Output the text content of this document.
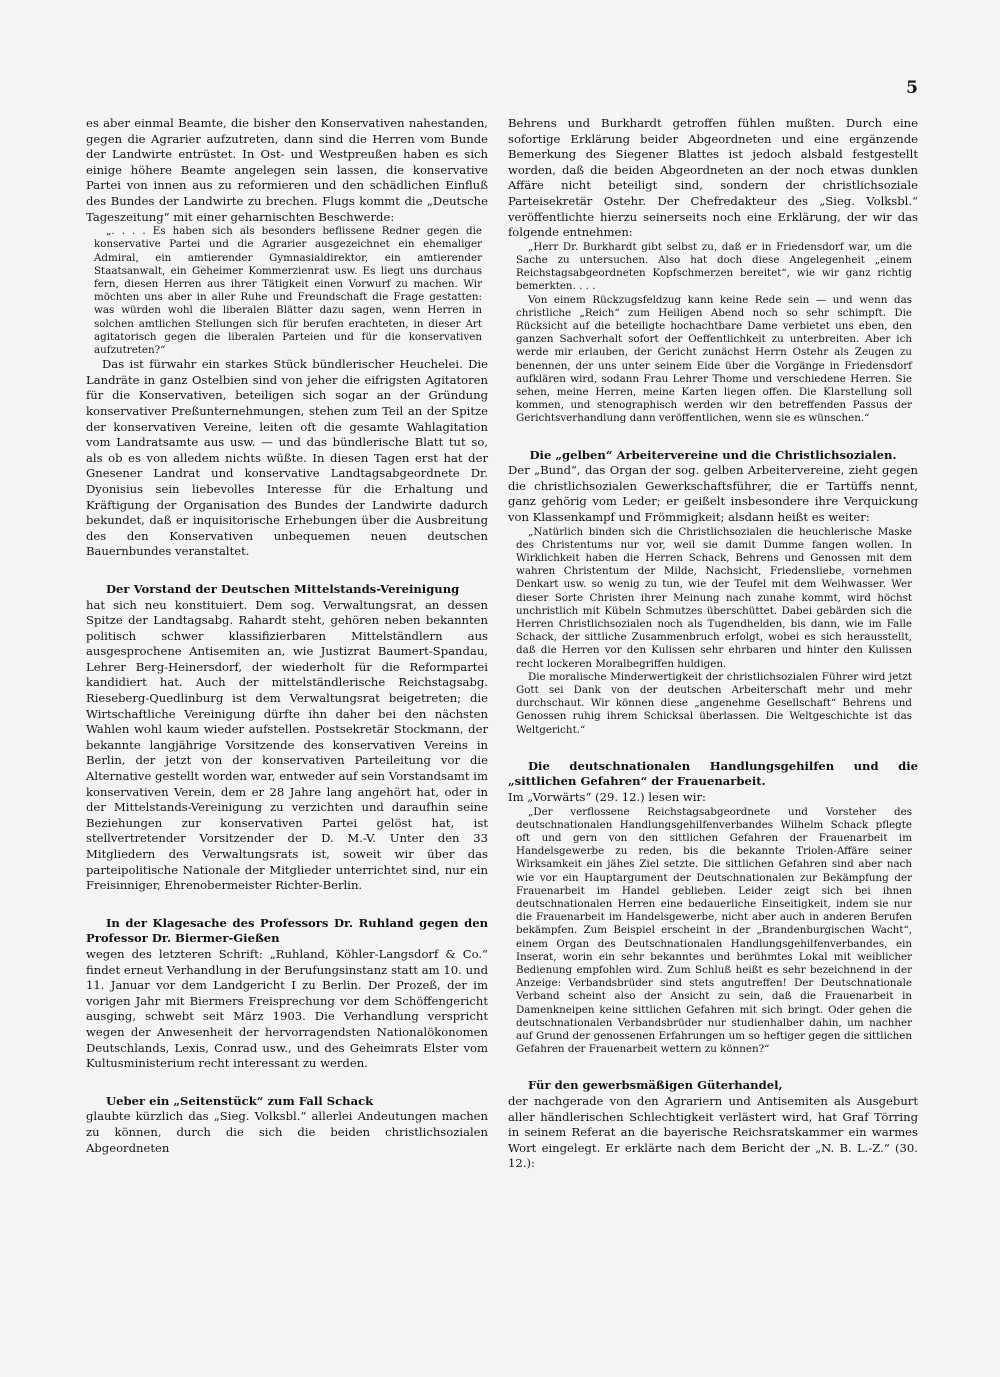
5

es aber einmal Beamte, die bisher den Konservativen nahestanden, gegen die Agrarier aufzutreten, dann sind die Herren vom Bunde der Landwirte entrüstet. In Ost- und Westpreußen haben es sich einige höhere Beamte angelegen sein lassen, die konservative Partei von innen aus zu reformieren und den schädlichen Einfluß des Bundes der Landwirte zu brechen. Flugs kommt die „Deutsche Tageszeitung“ mit einer geharnischten Beschwerde:

„. . . . Es haben sich als besonders beflissene Redner gegen die konservative Partei und die Agrarier ausgezeichnet ein ehemaliger Admiral, ein amtierender Gymnasialdirektor, ein amtierender Staatsanwalt, ein Geheimer Kommerzienrat usw. Es liegt uns durchaus fern, diesen Herren aus ihrer Tätigkeit einen Vorwurf zu machen. Wir möchten uns aber in aller Ruhe und Freundschaft die Frage gestatten: was würden wohl die liberalen Blätter dazu sagen, wenn Herren in solchen amtlichen Stellungen sich für berufen erachteten, in dieser Art agitatorisch gegen die liberalen Parteien und für die konservativen aufzutreten?“

Das ist fürwahr ein starkes Stück bündlerischer Heuchelei. Die Landräte in ganz Ostelbien sind von jeher die eifrigsten Agitatoren für die Konservativen, beteiligen sich sogar an der Gründung konservativer Preßunternehmungen, stehen zum Teil an der Spitze der konservativen Vereine, leiten oft die gesamte Wahlagitation vom Landratsamte aus usw. — und das bündlerische Blatt tut so, als ob es von alledem nichts wüßte. In diesen Tagen erst hat der Gnesener Landrat und konservative Landtagsabgeordnete Dr. Dyonisius sein liebevolles Interesse für die Erhaltung und Kräftigung der Organisation des Bundes der Landwirte dadurch bekundet, daß er inquisitorische Erhebungen über die Ausbreitung des den Konservativen unbequemen neuen deutschen Bauernbundes veranstaltet.

Der Vorstand der Deutschen Mittelstands-Vereinigung

hat sich neu konstituiert. Dem sog. Verwaltungsrat, an dessen Spitze der Landtagsabg. Rahardt steht, gehören neben bekannten politisch schwer klassifizierbaren Mittelständlern aus ausgesprochene Antisemiten an, wie Justizrat Baumert-Spandau, Lehrer Berg-Heinersdorf, der wiederholt für die Reformpartei kandidiert hat. Auch der mittelständlerische Reichstagsabg. Rieseberg-Quedlinburg ist dem Verwaltungsrat beigetreten; die Wirtschaftliche Vereinigung dürfte ihn daher bei den nächsten Wahlen wohl kaum wieder aufstellen. Postsekretär Stockmann, der bekannte langjährige Vorsitzende des konservativen Vereins in Berlin, der jetzt von der konservativen Parteileitung vor die Alternative gestellt worden war, entweder auf sein Vorstandsamt im konservativen Verein, dem er 28 Jahre lang angehört hat, oder in der Mittelstands-Vereinigung zu verzichten und daraufhin seine Beziehungen zur konservativen Partei gelöst hat, ist stellvertretender Vorsitzender der D. M.-V. Unter den 33 Mitgliedern des Verwaltungsrats ist, soweit wir über das parteipolitische Nationale der Mitglieder unterrichtet sind, nur ein Freisinniger, Ehrenobermeister Richter-Berlin.

In der Klagesache des Professors Dr. Ruhland gegen den Professor Dr. Biermer-Gießen

wegen des letzteren Schrift: „Ruhland, Köhler-Langsdorf & Co.“ findet erneut Verhandlung in der Berufungsinstanz statt am 10. und 11. Januar vor dem Landgericht I zu Berlin. Der Prozeß, der im vorigen Jahr mit Biermers Freisprechung vor dem Schöffengericht ausging, schwebt seit März 1903. Die Verhandlung verspricht wegen der Anwesenheit der hervorragendsten Nationalökonomen Deutschlands, Lexis, Conrad usw., und des Geheimrats Elster vom Kultusministerium recht interessant zu werden.

Ueber ein „Seitenstück“ zum Fall Schack

glaubte kürzlich das „Sieg. Volksbl.“ allerlei Andeutungen machen zu können, durch die sich die beiden christlichsozialen Abgeordneten

Behrens und Burkhardt getroffen fühlen mußten. Durch eine sofortige Erklärung beider Abgeordneten und eine ergänzende Bemerkung des Siegener Blattes ist jedoch alsbald festgestellt worden, daß die beiden Abgeordneten an der noch etwas dunklen Affäre nicht beteiligt sind, sondern der christlichsoziale Parteisekretär Ostehr. Der Chefredakteur des „Sieg. Volksbl.“ veröffentlichte hierzu seinerseits noch eine Erklärung, der wir das folgende entnehmen:

„Herr Dr. Burkhardt gibt selbst zu, daß er in Friedensdorf war, um die Sache zu untersuchen. Also hat doch diese Angelegenheit „einem Reichstagsabgeordneten Kopfschmerzen bereitet“, wie wir ganz richtig bemerkten. . . .

Von einem Rückzugsfeldzug kann keine Rede sein — und wenn das christliche „Reich“ zum Heiligen Abend noch so sehr schimpft. Die Rücksicht auf die beteiligte hochachtbare Dame verbietet uns eben, den ganzen Sachverhalt sofort der Oeffentlichkeit zu unterbreiten. Aber ich werde mir erlauben, der Gericht zunächst Herrn Ostehr als Zeugen zu benennen, der uns unter seinem Eide über die Vorgänge in Friedensdorf aufklären wird, sodann Frau Lehrer Thome und verschiedene Herren. Sie sehen, meine Herren, meine Karten liegen offen. Die Klarstellung soll kommen, und stenographisch werden wir den betreffenden Passus der Gerichtsverhandlung dann veröffentlichen, wenn sie es wünschen.“

Die „gelben“ Arbeitervereine und die Christlichsozialen.

Der „Bund“, das Organ der sog. gelben Arbeitervereine, zieht gegen die christlichsozialen Gewerkschaftsführer, die er Tartüffs nennt, ganz gehörig vom Leder; er geißelt insbesondere ihre Verquickung von Klassenkampf und Frömmigkeit; alsdann heißt es weiter:

„Natürlich binden sich die Christlichsozialen die heuchlerische Maske des Christentums nur vor, weil sie damit Dumme fangen wollen. In Wirklichkeit haben die Herren Schack, Behrens und Genossen mit dem wahren Christentum der Milde, Nachsicht, Friedensliebe, vornehmen Denkart usw. so wenig zu tun, wie der Teufel mit dem Weihwasser. Wer dieser Sorte Christen ihrer Meinung nach zunahe kommt, wird höchst unchristlich mit Kübeln Schmutzes überschüttet. Dabei gebärden sich die Herren Christlichsozialen noch als Tugendhelden, bis dann, wie im Falle Schack, der sittliche Zusammenbruch erfolgt, wobei es sich herausstellt, daß die Herren vor den Kulissen sehr ehrbaren und hinter den Kulissen recht lockeren Moralbegriffen huldigen.

Die moralische Minderwertigkeit der christlichsozialen Führer wird jetzt Gott sei Dank von der deutschen Arbeiterschaft mehr und mehr durchschaut. Wir können diese „angenehme Gesellschaft“ Behrens und Genossen ruhig ihrem Schicksal überlassen. Die Weltgeschichte ist das Weltgericht.“

Die deutschnationalen Handlungsgehilfen und die „sittlichen Gefahren“ der Frauenarbeit.

Im „Vorwärts“ (29. 12.) lesen wir:

„Der verflossene Reichstagsabgeordnete und Vorsteher des deutschnationalen Handlungsgehilfenverbandes Wilhelm Schack pflegte oft und gern von den sittlichen Gefahren der Frauenarbeit im Handelsgewerbe zu reden, bis die bekannte Triolen-Affäre seiner Wirksamkeit ein jähes Ziel setzte. Die sittlichen Gefahren sind aber nach wie vor ein Hauptargument der Deutschnationalen zur Bekämpfung der Frauenarbeit im Handel geblieben. Leider zeigt sich bei ihnen deutschnationalen Herren eine bedauerliche Einseitigkeit, indem sie nur die Frauenarbeit im Handelsgewerbe, nicht aber auch in anderen Berufen bekämpfen. Zum Beispiel erscheint in der „Brandenburgischen Wacht“, einem Organ des Deutschnationalen Handlungsgehilfenverbandes, ein Inserat, worin ein sehr bekanntes und berühmtes Lokal mit weiblicher Bedienung empfohlen wird. Zum Schluß heißt es sehr bezeichnend in der Anzeige: Verbandsbrüder sind stets angutreffen! Der Deutschnationale Verband scheint also der Ansicht zu sein, daß die Frauenarbeit in Damenkneipen keine sittlichen Gefahren mit sich bringt. Oder gehen die deutschnationalen Verbandsbrüder nur studienhalber dahin, um nachher auf Grund der genossenen Erfahrungen um so heftiger gegen die sittlichen Gefahren der Frauenarbeit wettern zu können?“

Für den gewerbsmäßigen Güterhandel,

der nachgerade von den Agrariern und Antisemiten als Ausgeburt aller händlerischen Schlechtigkeit verlästert wird, hat Graf Törring in seinem Referat an die bayerische Reichsratskammer ein warmes Wort eingelegt. Er erklärte nach dem Bericht der „N. B. L.-Z.“ (30. 12.):
